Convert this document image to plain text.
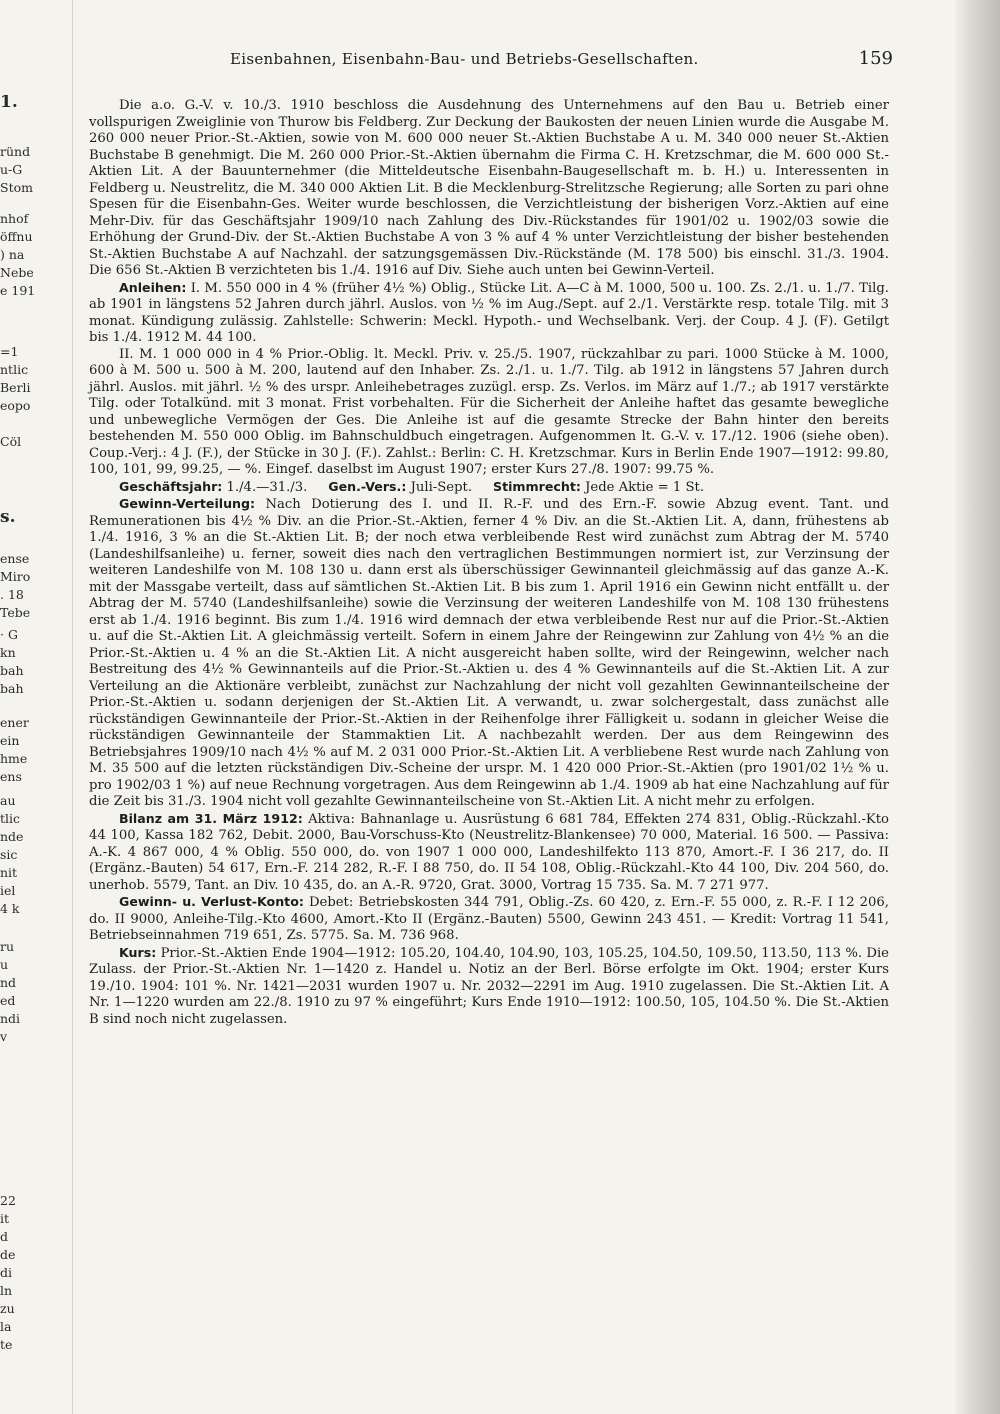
1.
ründ
u-G
Stom
nhof
öffnu
) na
Nebe
e 191
=1
ntlic
Berli
eopo
Cöl
s.
ense
Miro
. 18
Tebe
· G
kn
bah
bah
ener
ein
hme
ens
au
tlic
nde
sic
nit
iel
4 k
ru
u
nd
ed
ndi
v
22
it
d
de
di
ln
zu
la
te
Eisenbahnen, Eisenbahn-Bau- und Betriebs-Gesellschaften.	159

Die a.o. G.-V. v. 10./3. 1910 beschloss die Ausdehnung des Unternehmens auf den Bau u. Betrieb einer vollspurigen Zweiglinie von Thurow bis Feldberg. Zur Deckung der Baukosten der neuen Linien wurde die Ausgabe M. 260 000 neuer Prior.-St.-Aktien, sowie von M. 600 000 neuer St.-Aktien Buchstabe A u. M. 340 000 neuer St.-Aktien Buchstabe B genehmigt. Die M. 260 000 Prior.-St.-Aktien übernahm die Firma C. H. Kretzschmar, die M. 600 000 St.-Aktien Lit. A der Bauunternehmer (die Mitteldeutsche Eisenbahn-Baugesellschaft m. b. H.) u. Interessenten in Feldberg u. Neustrelitz, die M. 340 000 Aktien Lit. B die Mecklenburg-Strelitzsche Regierung; alle Sorten zu pari ohne Spesen für die Eisenbahn-Ges. Weiter wurde beschlossen, die Verzichtleistung der bisherigen Vorz.-Aktien auf eine Mehr-Div. für das Geschäftsjahr 1909/10 nach Zahlung des Div.-Rückstandes für 1901/02 u. 1902/03 sowie die Erhöhung der Grund-Div. der St.-Aktien Buchstabe A von 3 % auf 4 % unter Verzichtleistung der bisher bestehenden St.-Aktien Buchstabe A auf Nachzahl. der satzungsgemässen Div.-Rückstände (M. 178 500) bis einschl. 31./3. 1904. Die 656 St.-Aktien B verzichteten bis 1./4. 1916 auf Div. Siehe auch unten bei Gewinn-Verteil.

Anleihen: I. M. 550 000 in 4 % (früher 4½ %) Oblig., Stücke Lit. A—C à M. 1000, 500 u. 100. Zs. 2./1. u. 1./7. Tilg. ab 1901 in längstens 52 Jahren durch jährl. Auslos. von ½ % im Aug./Sept. auf 2./1. Verstärkte resp. totale Tilg. mit 3 monat. Kündigung zulässig. Zahlstelle: Schwerin: Meckl. Hypoth.- und Wechselbank. Verj. der Coup. 4 J. (F). Getilgt bis 1./4. 1912 M. 44 100.

II. M. 1 000 000 in 4 % Prior.-Oblig. lt. Meckl. Priv. v. 25./5. 1907, rückzahlbar zu pari. 1000 Stücke à M. 1000, 600 à M. 500 u. 500 à M. 200, lautend auf den Inhaber. Zs. 2./1. u. 1./7. Tilg. ab 1912 in längstens 57 Jahren durch jährl. Auslos. mit jährl. ½ % des urspr. Anleihebetrages zuzügl. ersp. Zs. Verlos. im März auf 1./7.; ab 1917 verstärkte Tilg. oder Totalkünd. mit 3 monat. Frist vorbehalten. Für die Sicherheit der Anleihe haftet das gesamte bewegliche und unbewegliche Vermögen der Ges. Die Anleihe ist auf die gesamte Strecke der Bahn hinter den bereits bestehenden M. 550 000 Oblig. im Bahnschuldbuch eingetragen. Aufgenommen lt. G.-V. v. 17./12. 1906 (siehe oben). Coup.-Verj.: 4 J. (F.), der Stücke in 30 J. (F.). Zahlst.: Berlin: C. H. Kretzschmar. Kurs in Berlin Ende 1907—1912: 99.80, 100, 101, 99, 99.25, — %. Eingef. daselbst im August 1907; erster Kurs 27./8. 1907: 99.75 %.

Geschäftsjahr: 1./4.—31./3. Gen.-Vers.: Juli-Sept. Stimmrecht: Jede Aktie = 1 St.

Gewinn-Verteilung: Nach Dotierung des I. und II. R.-F. und des Ern.-F. sowie Abzug event. Tant. und Remunerationen bis 4½ % Div. an die Prior.-St.-Aktien, ferner 4 % Div. an die St.-Aktien Lit. A, dann, frühestens ab 1./4. 1916, 3 % an die St.-Aktien Lit. B; der noch etwa verbleibende Rest wird zunächst zum Abtrag der M. 5740 (Landeshilfsanleihe) u. ferner, soweit dies nach den vertraglichen Bestimmungen normiert ist, zur Verzinsung der weiteren Landeshilfe von M. 108 130 u. dann erst als überschüssiger Gewinnanteil gleichmässig auf das ganze A.-K. mit der Massgabe verteilt, dass auf sämtlichen St.-Aktien Lit. B bis zum 1. April 1916 ein Gewinn nicht entfällt u. der Abtrag der M. 5740 (Landeshilfsanleihe) sowie die Verzinsung der weiteren Landeshilfe von M. 108 130 frühestens erst ab 1./4. 1916 beginnt. Bis zum 1./4. 1916 wird demnach der etwa verbleibende Rest nur auf die Prior.-St.-Aktien u. auf die St.-Aktien Lit. A gleichmässig verteilt. Sofern in einem Jahre der Reingewinn zur Zahlung von 4½ % an die Prior.-St.-Aktien u. 4 % an die St.-Aktien Lit. A nicht ausgereicht haben sollte, wird der Reingewinn, welcher nach Bestreitung des 4½ % Gewinnanteils auf die Prior.-St.-Aktien u. des 4 % Gewinnanteils auf die St.-Aktien Lit. A zur Verteilung an die Aktionäre verbleibt, zunächst zur Nachzahlung der nicht voll gezahlten Gewinnanteilscheine der Prior.-St.-Aktien u. sodann derjenigen der St.-Aktien Lit. A verwandt, u. zwar solchergestalt, dass zunächst alle rückständigen Gewinnanteile der Prior.-St.-Aktien in der Reihenfolge ihrer Fälligkeit u. sodann in gleicher Weise die rückständigen Gewinnanteile der Stammaktien Lit. A nachbezahlt werden. Der aus dem Reingewinn des Betriebsjahres 1909/10 nach 4½ % auf M. 2 031 000 Prior.-St.-Aktien Lit. A verbliebene Rest wurde nach Zahlung von M. 35 500 auf die letzten rückständigen Div.-Scheine der urspr. M. 1 420 000 Prior.-St.-Aktien (pro 1901/02 1½ % u. pro 1902/03 1 %) auf neue Rechnung vorgetragen. Aus dem Reingewinn ab 1./4. 1909 ab hat eine Nachzahlung auf für die Zeit bis 31./3. 1904 nicht voll gezahlte Gewinnanteilscheine von St.-Aktien Lit. A nicht mehr zu erfolgen.

Bilanz am 31. März 1912: Aktiva: Bahnanlage u. Ausrüstung 6 681 784, Effekten 274 831, Oblig.-Rückzahl.-Kto 44 100, Kassa 182 762, Debit. 2000, Bau-Vorschuss-Kto (Neustrelitz-Blankensee) 70 000, Material. 16 500. — Passiva: A.-K. 4 867 000, 4 % Oblig. 550 000, do. von 1907 1 000 000, Landeshilfekto 113 870, Amort.-F. I 36 217, do. II (Ergänz.-Bauten) 54 617, Ern.-F. 214 282, R.-F. I 88 750, do. II 54 108, Oblig.-Rückzahl.-Kto 44 100, Div. 204 560, do. unerhob. 5579, Tant. an Div. 10 435, do. an A.-R. 9720, Grat. 3000, Vortrag 15 735. Sa. M. 7 271 977.

Gewinn- u. Verlust-Konto: Debet: Betriebskosten 344 791, Oblig.-Zs. 60 420, z. Ern.-F. 55 000, z. R.-F. I 12 206, do. II 9000, Anleihe-Tilg.-Kto 4600, Amort.-Kto II (Ergänz.-Bauten) 5500, Gewinn 243 451. — Kredit: Vortrag 11 541, Betriebseinnahmen 719 651, Zs. 5775. Sa. M. 736 968.

Kurs: Prior.-St.-Aktien Ende 1904—1912: 105.20, 104.40, 104.90, 103, 105.25, 104.50, 109.50, 113.50, 113 %. Die Zulass. der Prior.-St.-Aktien Nr. 1—1420 z. Handel u. Notiz an der Berl. Börse erfolgte im Okt. 1904; erster Kurs 19./10. 1904: 101 %. Nr. 1421—2031 wurden 1907 u. Nr. 2032—2291 im Aug. 1910 zugelassen. Die St.-Aktien Lit. A Nr. 1—1220 wurden am 22./8. 1910 zu 97 % eingeführt; Kurs Ende 1910—1912: 100.50, 105, 104.50 %. Die St.-Aktien B sind noch nicht zugelassen.
